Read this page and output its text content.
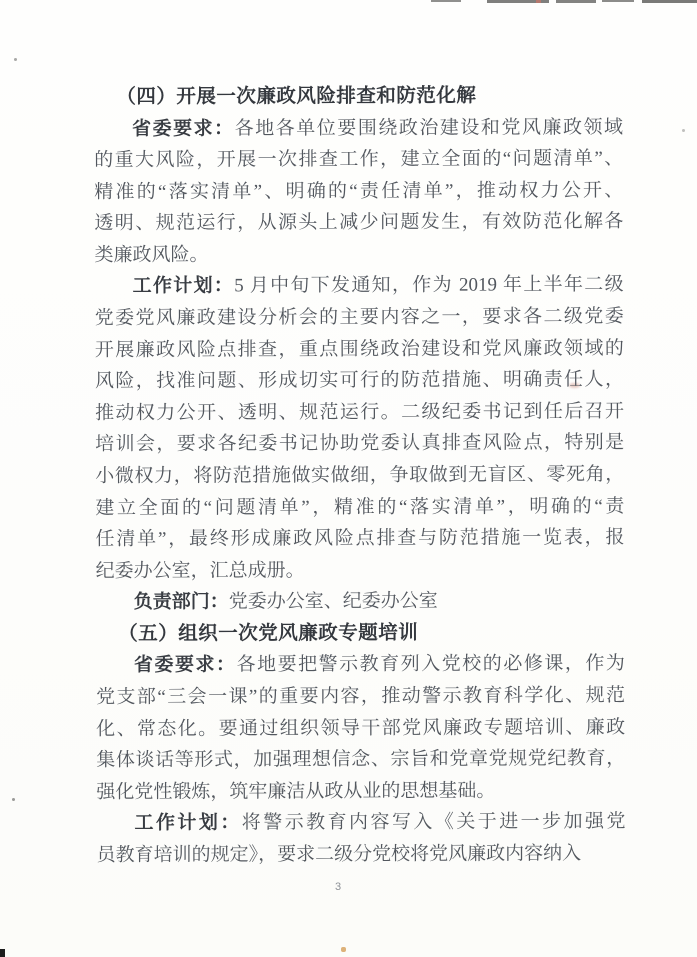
（四）开展一次廉政风险排查和防范化解
省委要求：各地各单位要围绕政治建设和党风廉政领域
的重大风险，开展一次排查工作，建立全面的“问题清单”、
精准的“落实清单”、明确的“责任清单”，推动权力公开、
透明、规范运行，从源头上减少问题发生，有效防范化解各
类廉政风险。
工作计划：5 月中旬下发通知，作为 2019 年上半年二级
党委党风廉政建设分析会的主要内容之一，要求各二级党委
开展廉政风险点排查，重点围绕政治建设和党风廉政领域的
风险，找准问题、形成切实可行的防范措施、明确责任人，
推动权力公开、透明、规范运行。二级纪委书记到任后召开
培训会，要求各纪委书记协助党委认真排查风险点，特别是
小微权力，将防范措施做实做细，争取做到无盲区、零死角，
建立全面的“问题清单”，精准的“落实清单”，明确的“责
任清单”，最终形成廉政风险点排查与防范措施一览表，报
纪委办公室，汇总成册。
负责部门：党委办公室、纪委办公室
（五）组织一次党风廉政专题培训
省委要求：各地要把警示教育列入党校的必修课，作为
党支部“三会一课”的重要内容，推动警示教育科学化、规范
化、常态化。要通过组织领导干部党风廉政专题培训、廉政
集体谈话等形式，加强理想信念、宗旨和党章党规党纪教育，
强化党性锻炼，筑牢廉洁从政从业的思想基础。
工作计划：将警示教育内容写入《关于进一步加强党
员教育培训的规定》，要求二级分党校将党风廉政内容纳入
3
